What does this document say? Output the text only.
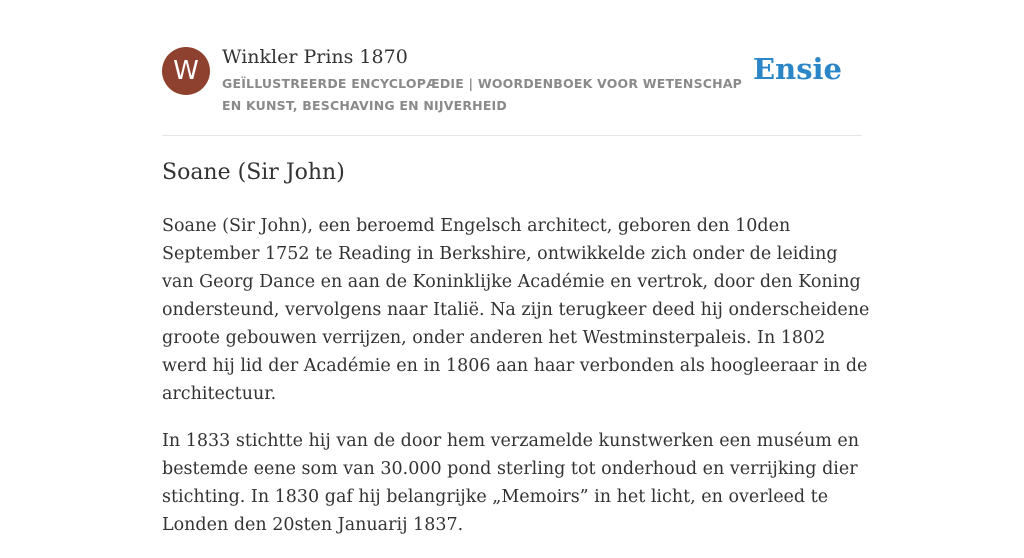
W	Winkler Prins 1870
GEÏLLUSTREERDE ENCYCLOPÆDIE | WOORDENBOEK VOOR WETENSCHAP EN KUNST, BESCHAVING EN NIJVERHEID
Ensie
Soane (Sir John)

Soane (Sir John), een beroemd Engelsch architect, geboren den 10den September 1752 te Reading in Berkshire, ontwikkelde zich onder de leiding van Georg Dance en aan de Koninklijke Académie en vertrok, door den Koning ondersteund, vervolgens naar Italië. Na zijn terugkeer deed hij onderscheidene groote gebouwen verrijzen, onder anderen het Westminsterpaleis. In 1802 werd hij lid der Académie en in 1806 aan haar verbonden als hoogleeraar in de architectuur.

In 1833 stichtte hij van de door hem verzamelde kunstwerken een muséum en bestemde eene som van 30.000 pond sterling tot onderhoud en verrijking dier stichting. In 1830 gaf hij belangrijke „Memoirs” in het licht, en overleed te Londen den 20sten Januarij 1837.
